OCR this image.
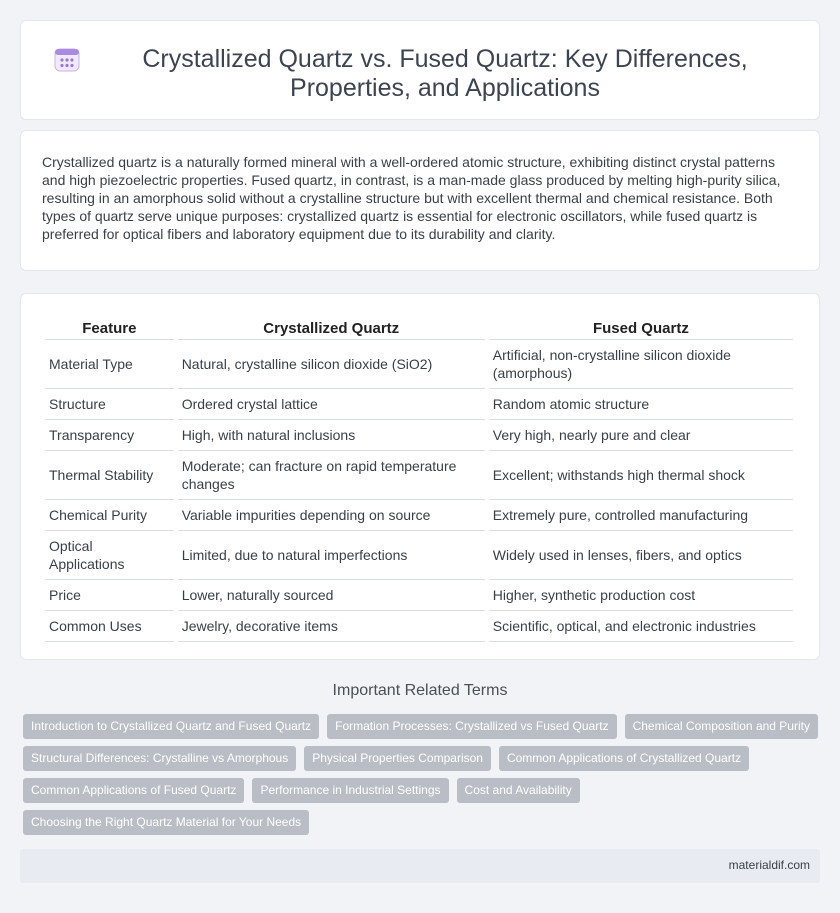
Crystallized Quartz vs. Fused Quartz: Key Differences, Properties, and Applications

Crystallized quartz is a naturally formed mineral with a well-ordered atomic structure, exhibiting distinct crystal patterns and high piezoelectric properties. Fused quartz, in contrast, is a man-made glass produced by melting high-purity silica, resulting in an amorphous solid without a crystalline structure but with excellent thermal and chemical resistance. Both types of quartz serve unique purposes: crystallized quartz is essential for electronic oscillators, while fused quartz is preferred for optical fibers and laboratory equipment due to its durability and clarity.

Feature	Crystallized Quartz	Fused Quartz
Material Type	Natural, crystalline silicon dioxide (SiO2)	Artificial, non-crystalline silicon dioxide (amorphous)
Structure	Ordered crystal lattice	Random atomic structure
Transparency	High, with natural inclusions	Very high, nearly pure and clear
Thermal Stability	Moderate; can fracture on rapid temperature changes	Excellent; withstands high thermal shock
Chemical Purity	Variable impurities depending on source	Extremely pure, controlled manufacturing
Optical Applications	Limited, due to natural imperfections	Widely used in lenses, fibers, and optics
Price	Lower, naturally sourced	Higher, synthetic production cost
Common Uses	Jewelry, decorative items	Scientific, optical, and electronic industries
Important Related Terms
Introduction to Crystallized Quartz and Fused Quartz	Formation Processes: Crystallized vs Fused Quartz	Chemical Composition and Purity
Structural Differences: Crystalline vs Amorphous	Physical Properties Comparison	Common Applications of Crystallized Quartz
Common Applications of Fused Quartz	Performance in Industrial Settings	Cost and Availability
Choosing the Right Quartz Material for Your Needs
materialdif.com
